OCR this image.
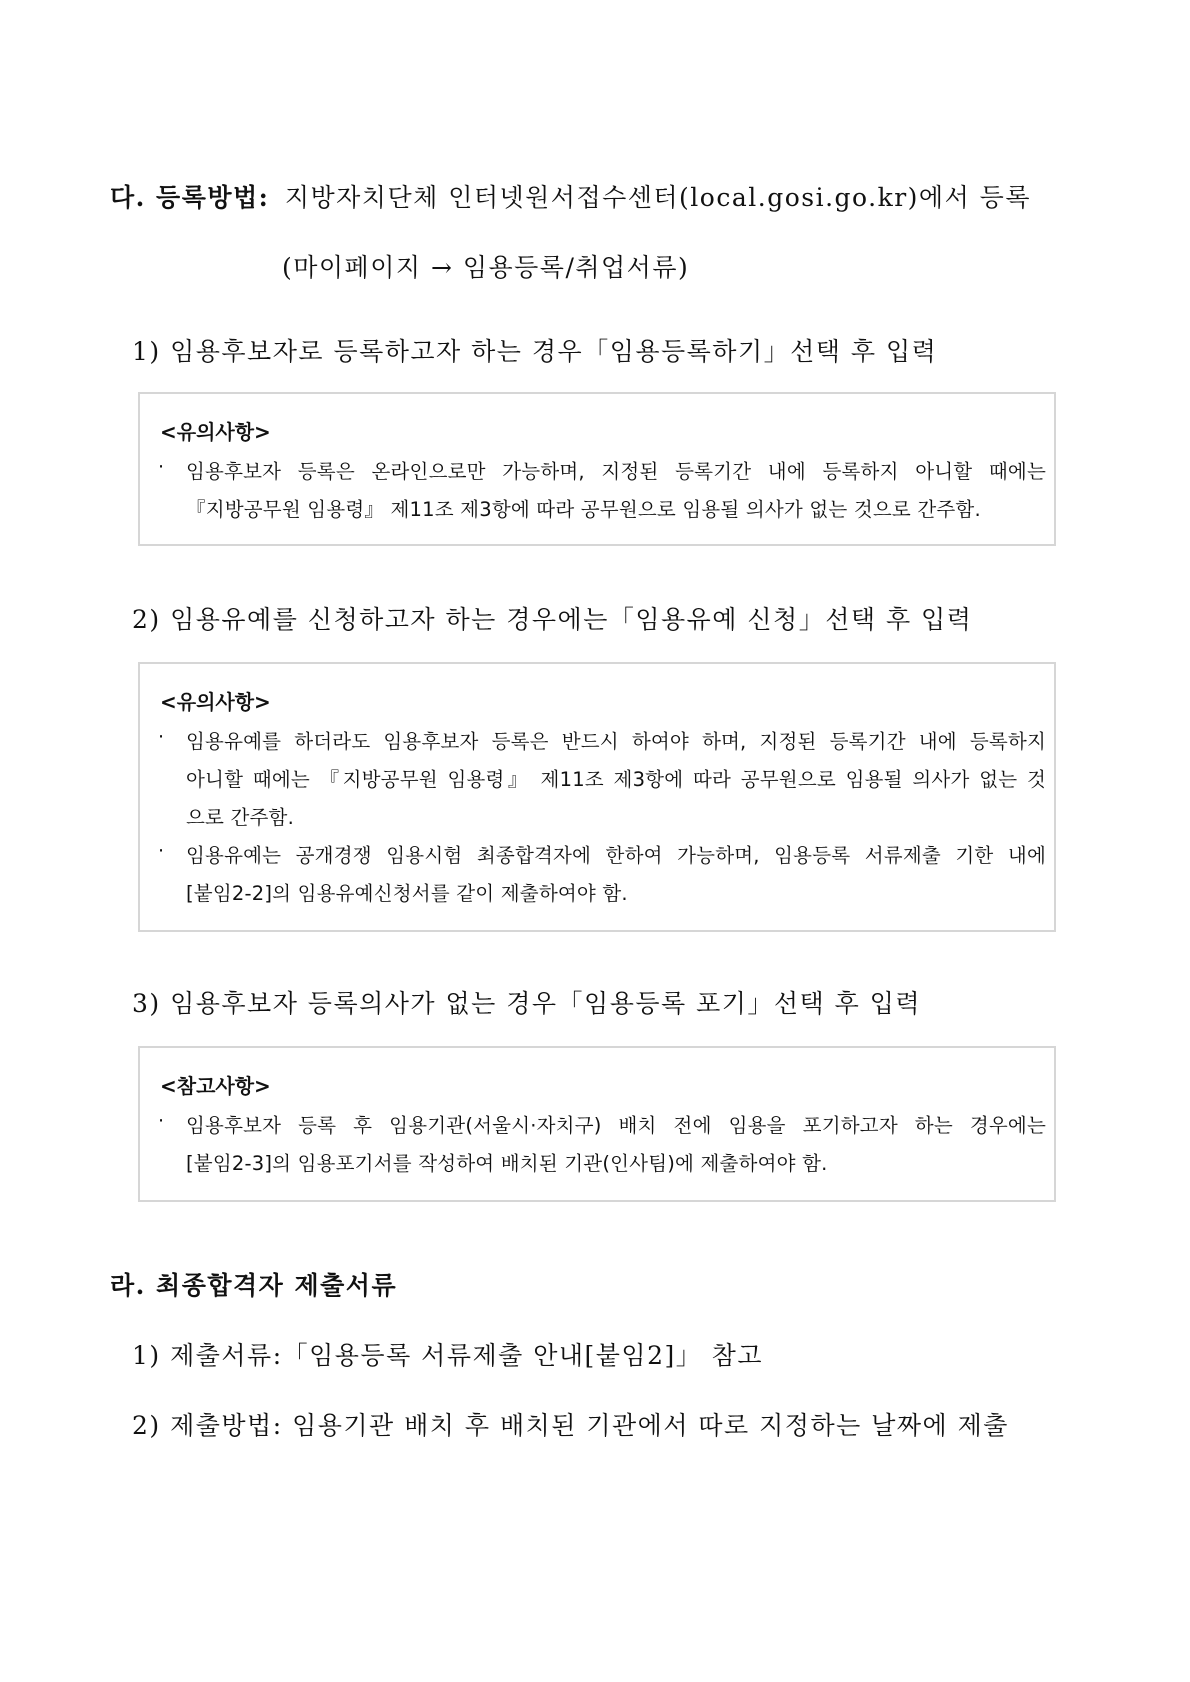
다. 등록방법: 지방자치단체 인터넷원서접수센터(local.gosi.go.kr)에서 등록
(마이페이지 → 임용등록/취업서류)
1) 임용후보자로 등록하고자 하는 경우「임용등록하기」선택 후 입력
<유의사항>
· 임용후보자 등록은 온라인으로만 가능하며, 지정된 등록기간 내에 등록하지 아니할 때에는
『지방공무원 임용령』 제11조 제3항에 따라 공무원으로 임용될 의사가 없는 것으로 간주함.
2) 임용유예를 신청하고자 하는 경우에는「임용유예 신청」선택 후 입력
<유의사항>
· 임용유예를 하더라도 임용후보자 등록은 반드시 하여야 하며, 지정된 등록기간 내에 등록하지
아니할 때에는 『지방공무원 임용령』 제11조 제3항에 따라 공무원으로 임용될 의사가 없는 것
으로 간주함.
· 임용유예는 공개경쟁 임용시험 최종합격자에 한하여 가능하며, 임용등록 서류제출 기한 내에
[붙임2-2]의 임용유예신청서를 같이 제출하여야 함.
3) 임용후보자 등록의사가 없는 경우「임용등록 포기」선택 후 입력
<참고사항>
· 임용후보자 등록 후 임용기관(서울시·자치구) 배치 전에 임용을 포기하고자 하는 경우에는
[붙임2-3]의 임용포기서를 작성하여 배치된 기관(인사팀)에 제출하여야 함.
라. 최종합격자 제출서류
1) 제출서류:「임용등록 서류제출 안내[붙임2]」 참고
2) 제출방법: 임용기관 배치 후 배치된 기관에서 따로 지정하는 날짜에 제출
